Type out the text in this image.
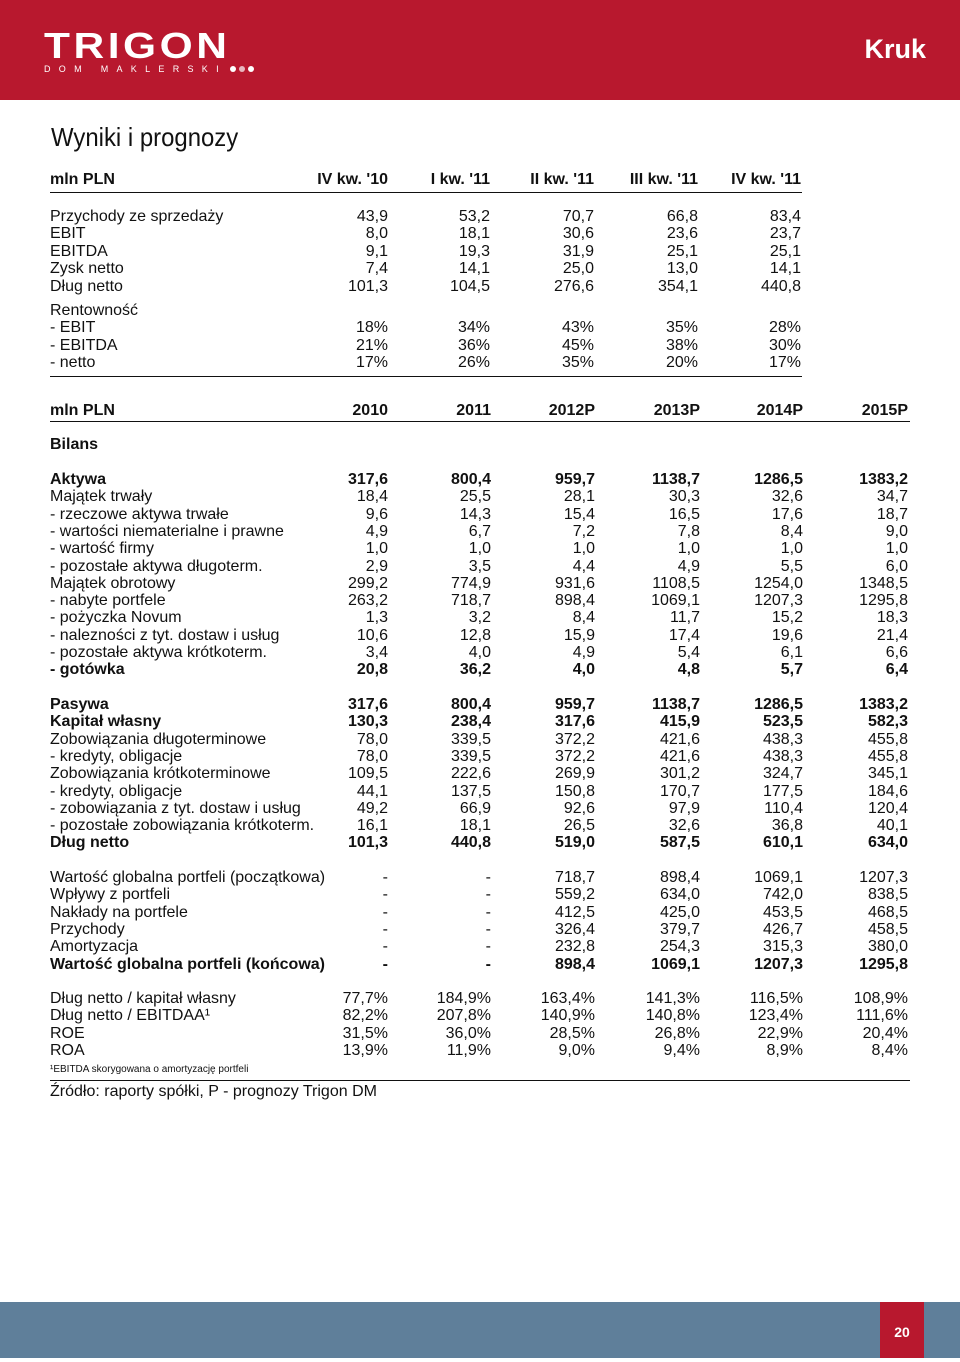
TRIGON
DOM MAKLERSKI
Kruk
Wyniki i prognozy
mln PLN	IV kw. '10	I kw. '11	II kw. '11	III kw. '11	IV kw. '11
Przychody ze sprzedaży	43,9	53,2	70,7	66,8	83,4
EBIT	8,0	18,1	30,6	23,6	23,7
EBITDA	9,1	19,3	31,9	25,1	25,1
Zysk netto	7,4	14,1	25,0	13,0	14,1
Dług netto	101,3	104,5	276,6	354,1	440,8
Rentowność
- EBIT	18%	34%	43%	35%	28%
- EBITDA	21%	36%	45%	38%	30%
- netto	17%	26%	35%	20%	17%
mln PLN	2010	2011	2012P	2013P	2014P	2015P
Bilans
Aktywa	317,6	800,4	959,7	1138,7	1286,5	1383,2
Majątek trwały	18,4	25,5	28,1	30,3	32,6	34,7
- rzeczowe aktywa trwałe	9,6	14,3	15,4	16,5	17,6	18,7
- wartości niematerialne i prawne	4,9	6,7	7,2	7,8	8,4	9,0
- wartość firmy	1,0	1,0	1,0	1,0	1,0	1,0
- pozostałe aktywa długoterm.	2,9	3,5	4,4	4,9	5,5	6,0
Majątek obrotowy	299,2	774,9	931,6	1108,5	1254,0	1348,5
- nabyte portfele	263,2	718,7	898,4	1069,1	1207,3	1295,8
- pożyczka Novum	1,3	3,2	8,4	11,7	15,2	18,3
- nalezności z tyt. dostaw i usług	10,6	12,8	15,9	17,4	19,6	21,4
- pozostałe aktywa krótkoterm.	3,4	4,0	4,9	5,4	6,1	6,6
- gotówka	20,8	36,2	4,0	4,8	5,7	6,4
Pasywa	317,6	800,4	959,7	1138,7	1286,5	1383,2
Kapitał własny	130,3	238,4	317,6	415,9	523,5	582,3
Zobowiązania długoterminowe	78,0	339,5	372,2	421,6	438,3	455,8
- kredyty, obligacje	78,0	339,5	372,2	421,6	438,3	455,8
Zobowiązania krótkoterminowe	109,5	222,6	269,9	301,2	324,7	345,1
- kredyty, obligacje	44,1	137,5	150,8	170,7	177,5	184,6
- zobowiązania z tyt. dostaw i usług	49,2	66,9	92,6	97,9	110,4	120,4
- pozostałe zobowiązania krótkoterm.	16,1	18,1	26,5	32,6	36,8	40,1
Dług netto	101,3	440,8	519,0	587,5	610,1	634,0
Wartość globalna portfeli (początkowa)	-	-	718,7	898,4	1069,1	1207,3
Wpływy z portfeli	-	-	559,2	634,0	742,0	838,5
Nakłady na portfele	-	-	412,5	425,0	453,5	468,5
Przychody	-	-	326,4	379,7	426,7	458,5
Amortyzacja	-	-	232,8	254,3	315,3	380,0
Wartość globalna portfeli (końcowa)	-	-	898,4	1069,1	1207,3	1295,8
Dług netto / kapitał własny	77,7%	184,9%	163,4%	141,3%	116,5%	108,9%
Dług netto / EBITDAA¹	82,2%	207,8%	140,9%	140,8%	123,4%	111,6%
ROE	31,5%	36,0%	28,5%	26,8%	22,9%	20,4%
ROA	13,9%	11,9%	9,0%	9,4%	8,9%	8,4%
¹EBITDA skorygowana o amortyzację portfeli
Źródło: raporty spółki, P - prognozy Trigon DM
20
